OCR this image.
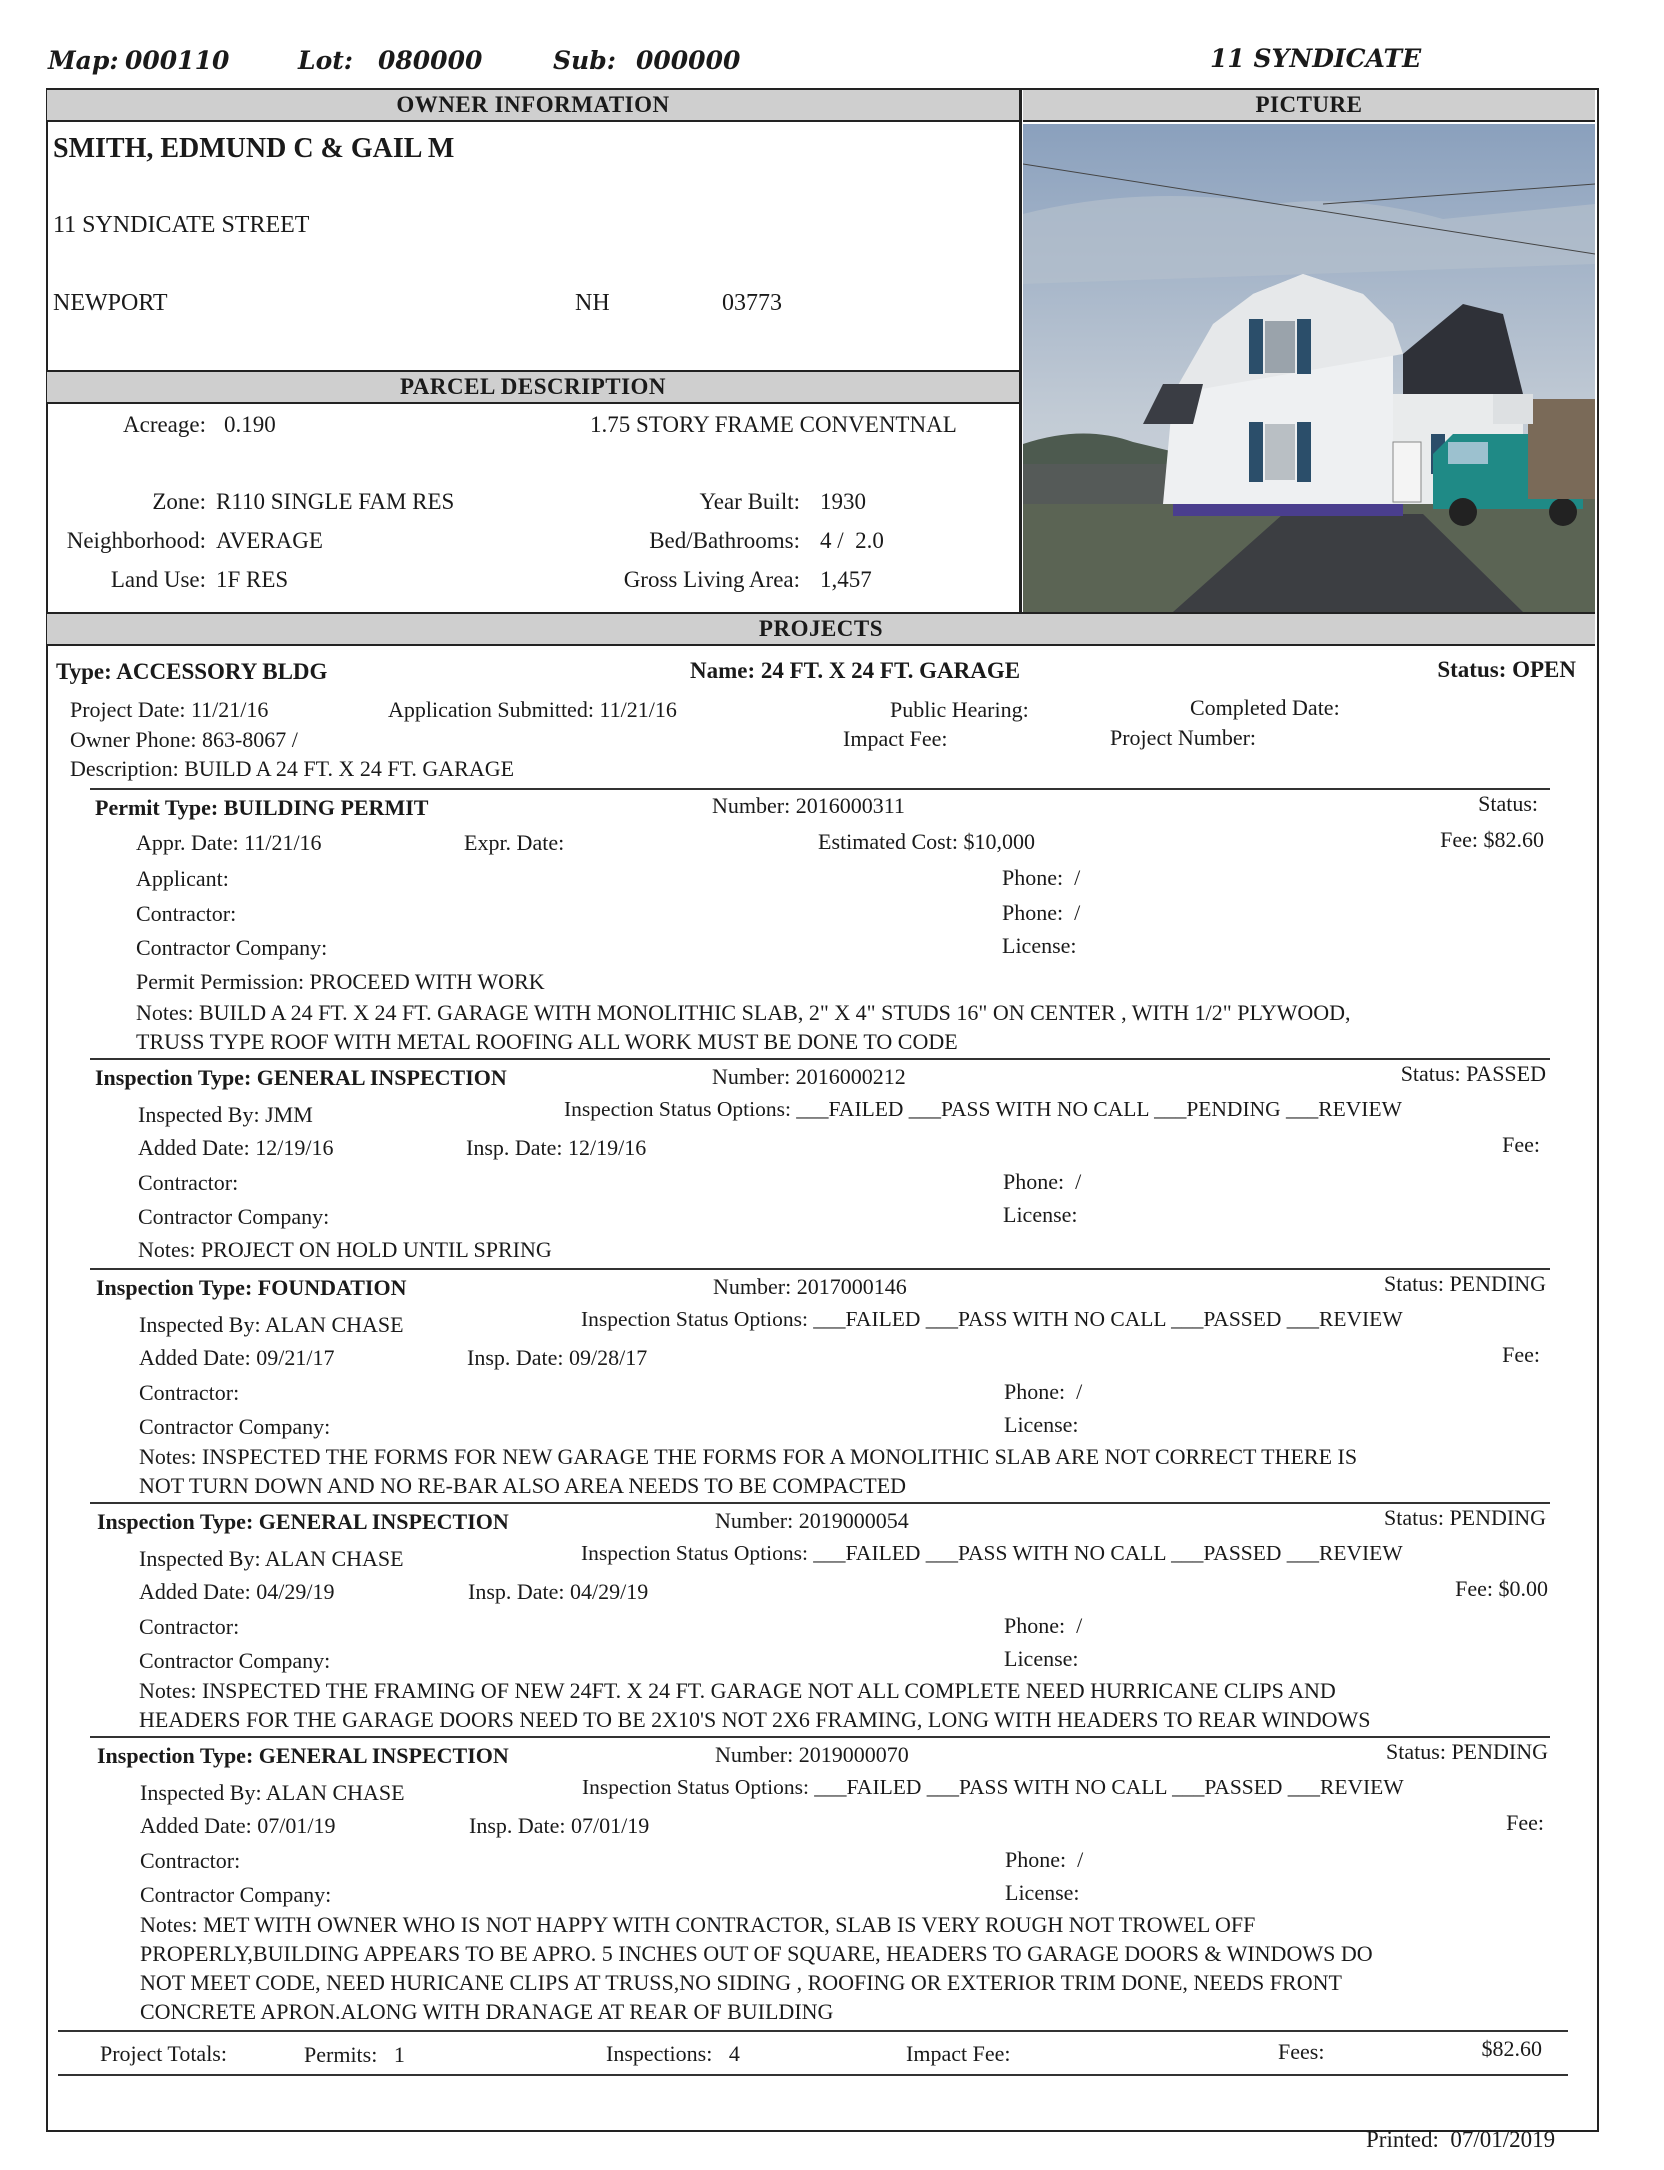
Map: 000110	Lot: 080000	Sub: 000000	11 SYNDICATE
OWNER INFORMATION	PICTURE
SMITH, EDMUND C & GAIL M
11 SYNDICATE STREET
NEWPORT	NH	03773
PARCEL DESCRIPTION
Acreage: 0.190	1.75 STORY FRAME CONVENTNAL
Zone: R110 SINGLE FAM RES	Year Built: 1930
Neighborhood: AVERAGE	Bed/Bathrooms: 4 /  2.0
Land Use: 1F RES	Gross Living Area: 1,457
PROJECTS
Type: ACCESSORY BLDG	Name: 24 FT. X 24 FT. GARAGE	Status: OPEN
Project Date: 11/21/16	Application Submitted: 11/21/16	Public Hearing:	Completed Date:
Owner Phone: 863-8067 /	Impact Fee:	Project Number:
Description: BUILD A 24 FT. X 24 FT. GARAGE
Permit Type: BUILDING PERMIT	Number: 2016000311	Status:
Appr. Date: 11/21/16	Expr. Date:	Estimated Cost: $10,000	Fee: $82.60
Applicant:	Phone:  /
Contractor:	Phone:  /
Contractor Company:	License:
Permit Permission: PROCEED WITH WORK
Notes: BUILD A 24 FT. X 24 FT. GARAGE WITH MONOLITHIC SLAB, 2" X 4" STUDS 16" ON CENTER , WITH 1/2" PLYWOOD,
TRUSS TYPE ROOF WITH METAL ROOFING ALL WORK MUST BE DONE TO CODE
Inspection Type: GENERAL INSPECTION	Number: 2016000212	Status: PASSED
Inspected By: JMM	Inspection Status Options: ___FAILED ___PASS WITH NO CALL ___PENDING ___REVIEW
Added Date: 12/19/16	Insp. Date: 12/19/16	Fee:
Contractor:	Phone:  /
Contractor Company:	License:
Notes: PROJECT ON HOLD UNTIL SPRING
Inspection Type: FOUNDATION	Number: 2017000146	Status: PENDING
Inspected By: ALAN CHASE	Inspection Status Options: ___FAILED ___PASS WITH NO CALL ___PASSED ___REVIEW
Added Date: 09/21/17	Insp. Date: 09/28/17	Fee:
Contractor:	Phone:  /
Contractor Company:	License:
Notes: INSPECTED THE FORMS FOR NEW GARAGE THE FORMS FOR A MONOLITHIC SLAB ARE NOT CORRECT THERE IS
NOT TURN DOWN AND NO RE-BAR ALSO AREA NEEDS TO BE COMPACTED
Inspection Type: GENERAL INSPECTION	Number: 2019000054	Status: PENDING
Inspected By: ALAN CHASE	Inspection Status Options: ___FAILED ___PASS WITH NO CALL ___PASSED ___REVIEW
Added Date: 04/29/19	Insp. Date: 04/29/19	Fee: $0.00
Contractor:	Phone:  /
Contractor Company:	License:
Notes: INSPECTED THE FRAMING OF NEW 24FT. X 24 FT. GARAGE NOT ALL COMPLETE NEED HURRICANE CLIPS AND
HEADERS FOR THE GARAGE DOORS NEED TO BE 2X10'S NOT 2X6 FRAMING, LONG WITH HEADERS TO REAR WINDOWS
Inspection Type: GENERAL INSPECTION	Number: 2019000070	Status: PENDING
Inspected By: ALAN CHASE	Inspection Status Options: ___FAILED ___PASS WITH NO CALL ___PASSED ___REVIEW
Added Date: 07/01/19	Insp. Date: 07/01/19	Fee:
Contractor:	Phone:  /
Contractor Company:	License:
Notes: MET WITH OWNER WHO IS NOT HAPPY WITH CONTRACTOR, SLAB IS VERY ROUGH NOT TROWEL OFF
PROPERLY,BUILDING APPEARS TO BE APRO. 5 INCHES OUT OF SQUARE, HEADERS TO GARAGE DOORS & WINDOWS DO
NOT MEET CODE, NEED HURICANE CLIPS AT TRUSS,NO SIDING , ROOFING OR EXTERIOR TRIM DONE, NEEDS FRONT
CONCRETE APRON.ALONG WITH DRANAGE AT REAR OF BUILDING
Project Totals:	Permits:   1	Inspections:   4	Impact Fee:	Fees:	$82.60
Printed:  07/01/2019
